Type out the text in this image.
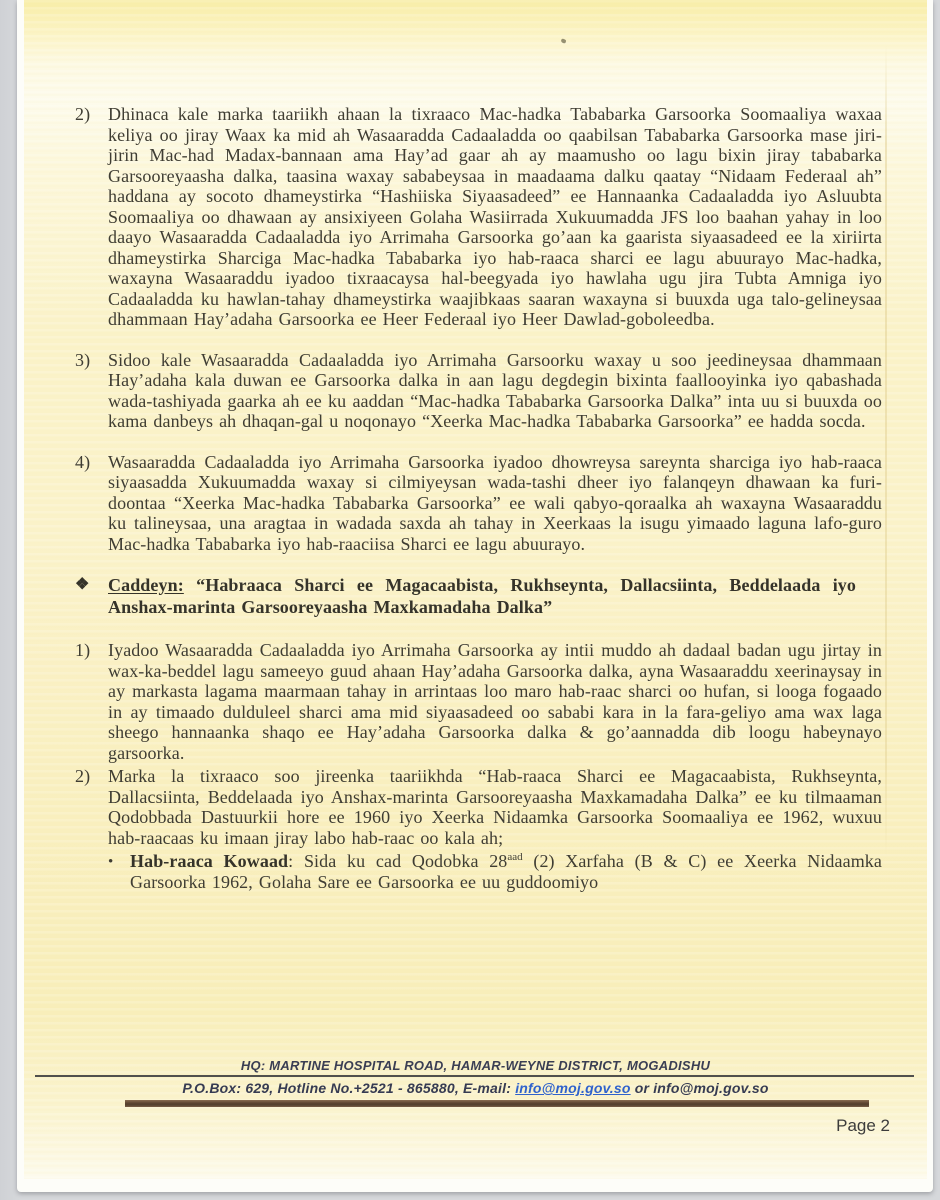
2) Dhinaca kale marka taariikh ahaan la tixraaco Mac-hadka Tababarka Garsoorka Soomaaliya waxaa keliya oo jiray Waax ka mid ah Wasaaradda Cadaaladda oo qaabilsan Tababarka Garsoorka mase jiri-jirin Mac-had Madax-bannaan ama Hay’ad gaar ah ay maamusho oo lagu bixin jiray tababarka Garsooreyaasha dalka, taasina waxay sababeysaa in maadaama dalku qaatay “Nidaam Federaal ah” haddana ay socoto dhameystirka “Hashiiska Siyaasadeed” ee Hannaanka Cadaaladda iyo Asluubta Soomaaliya oo dhawaan ay ansixiyeen Golaha Wasiirrada Xukuumadda JFS loo baahan yahay in loo daayo Wasaaradda Cadaaladda iyo Arrimaha Garsoorka go’aan ka gaarista siyaasadeed ee la xiriirta dhameystirka Sharciga Mac-hadka Tababarka iyo hab-raaca sharci ee lagu abuurayo Mac-hadka, waxayna Wasaaraddu iyadoo tixraacaysa hal-beegyada iyo hawlaha ugu jira Tubta Amniga iyo Cadaaladda ku hawlan-tahay dhameystirka waajibkaas saaran waxayna si buuxda uga talo-gelineysaa dhammaan Hay’adaha Garsoorka ee Heer Federaal iyo Heer Dawlad-goboleedba.
3) Sidoo kale Wasaaradda Cadaaladda iyo Arrimaha Garsoorku waxay u soo jeedineysaa dhammaan Hay’adaha kala duwan ee Garsoorka dalka in aan lagu degdegin bixinta faallooyinka iyo qabashada wada-tashiyada gaarka ah ee ku aaddan “Mac-hadka Tababarka Garsoorka Dalka” inta uu si buuxda oo kama danbeys ah dhaqan-gal u noqonayo “Xeerka Mac-hadka Tababarka Garsoorka” ee hadda socda.
4) Wasaaradda Cadaaladda iyo Arrimaha Garsoorka iyadoo dhowreysa sareynta sharciga iyo hab-raaca siyaasadda Xukuumadda waxay si cilmiyeysan wada-tashi dheer iyo falanqeyn dhawaan ka furi-doontaa “Xeerka Mac-hadka Tababarka Garsoorka” ee wali qabyo-qoraalka ah waxayna Wasaaraddu ku talineysaa, una aragtaa in wadada saxda ah tahay in Xeerkaas la isugu yimaado laguna lafo-guro Mac-hadka Tababarka iyo hab-raaciisa Sharci ee lagu abuurayo.
❖	Caddeyn: “Habraaca Sharci ee Magacaabista, Rukhseynta, Dallacsiinta, Beddelaada iyo Anshax-marinta Garsooreyaasha Maxkamadaha Dalka”
1) Iyadoo Wasaaradda Cadaaladda iyo Arrimaha Garsoorka ay intii muddo ah dadaal badan ugu jirtay in wax-ka-beddel lagu sameeyo guud ahaan Hay’adaha Garsoorka dalka, ayna Wasaaraddu xeerinaysay in ay markasta lagama maarmaan tahay in arrintaas loo maro hab-raac sharci oo hufan, si looga fogaado in ay timaado dulduleel sharci ama mid siyaasadeed oo sababi kara in la fara-geliyo ama wax laga sheego hannaanka shaqo ee Hay’adaha Garsoorka dalka & go’aannadda dib loogu habeynayo garsoorka.
2) Marka la tixraaco soo jireenka taariikhda “Hab-raaca Sharci ee Magacaabista, Rukhseynta, Dallacsiinta, Beddelaada iyo Anshax-marinta Garsooreyaasha Maxkamadaha Dalka” ee ku tilmaaman Qodobbada Dastuurkii hore ee 1960 iyo Xeerka Nidaamka Garsoorka Soomaaliya ee 1962, wuxuu hab-raacaas ku imaan jiray labo hab-raac oo kala ah;
• Hab-raaca Kowaad: Sida ku cad Qodobka $28^{aad}$ (2) Xarfaha (B & C) ee Xeerka Nidaamka Garsoorka 1962, Golaha Sare ee Garsoorka ee uu guddoomiyo
HQ: MARTINE HOSPITAL ROAD, HAMAR-WEYNE DISTRICT, MOGADISHU
P.O.Box: 629, Hotline No.+2521 - 865880, E-mail: info@moj.gov.so or info@moj.gov.so
Page 2
